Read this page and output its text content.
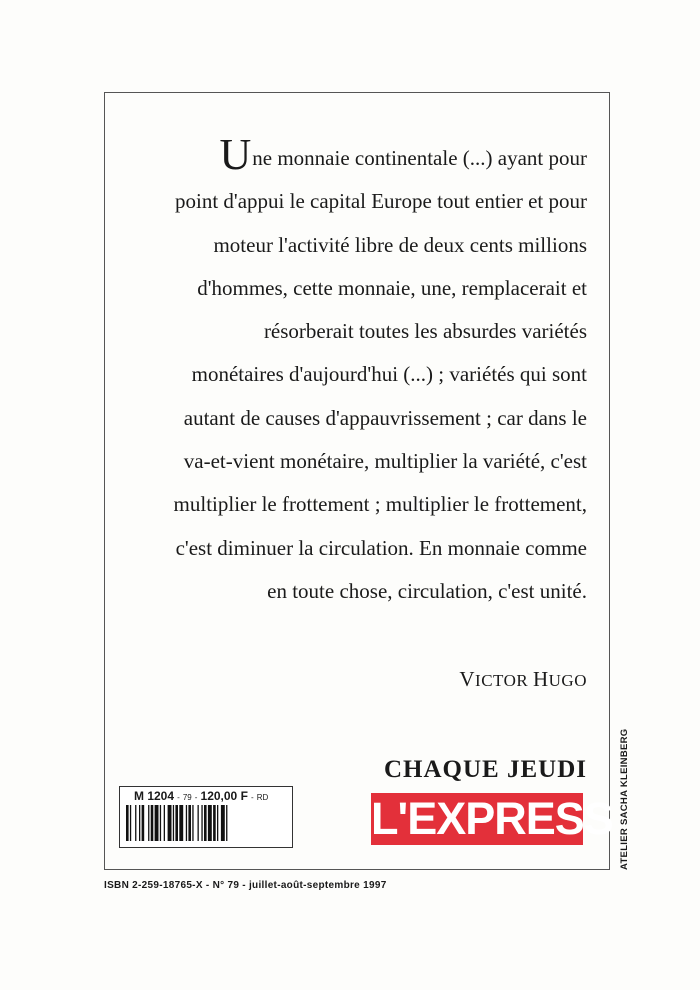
Une monnaie continentale (...) ayant pour
point d'appui le capital Europe tout entier et pour
moteur l'activité libre de deux cents millions
d'hommes, cette monnaie, une, remplacerait et
résorberait toutes les absurdes variétés
monétaires d'aujourd'hui (...) ; variétés qui sont
autant de causes d'appauvrissement ; car dans le
va-et-vient monétaire, multiplier la variété, c'est
multiplier le frottement ; multiplier le frottement,
c'est diminuer la circulation. En monnaie comme
en toute chose, circulation, c'est unité.
VICTOR HUGO
CHAQUE JEUDI
L'EXPRESS
M 1204 - 79 - 120,00 F - RD	ATELIER SACHA KLEINBERG
ISBN 2-259-18765-X - N° 79 - juillet-août-septembre 1997
